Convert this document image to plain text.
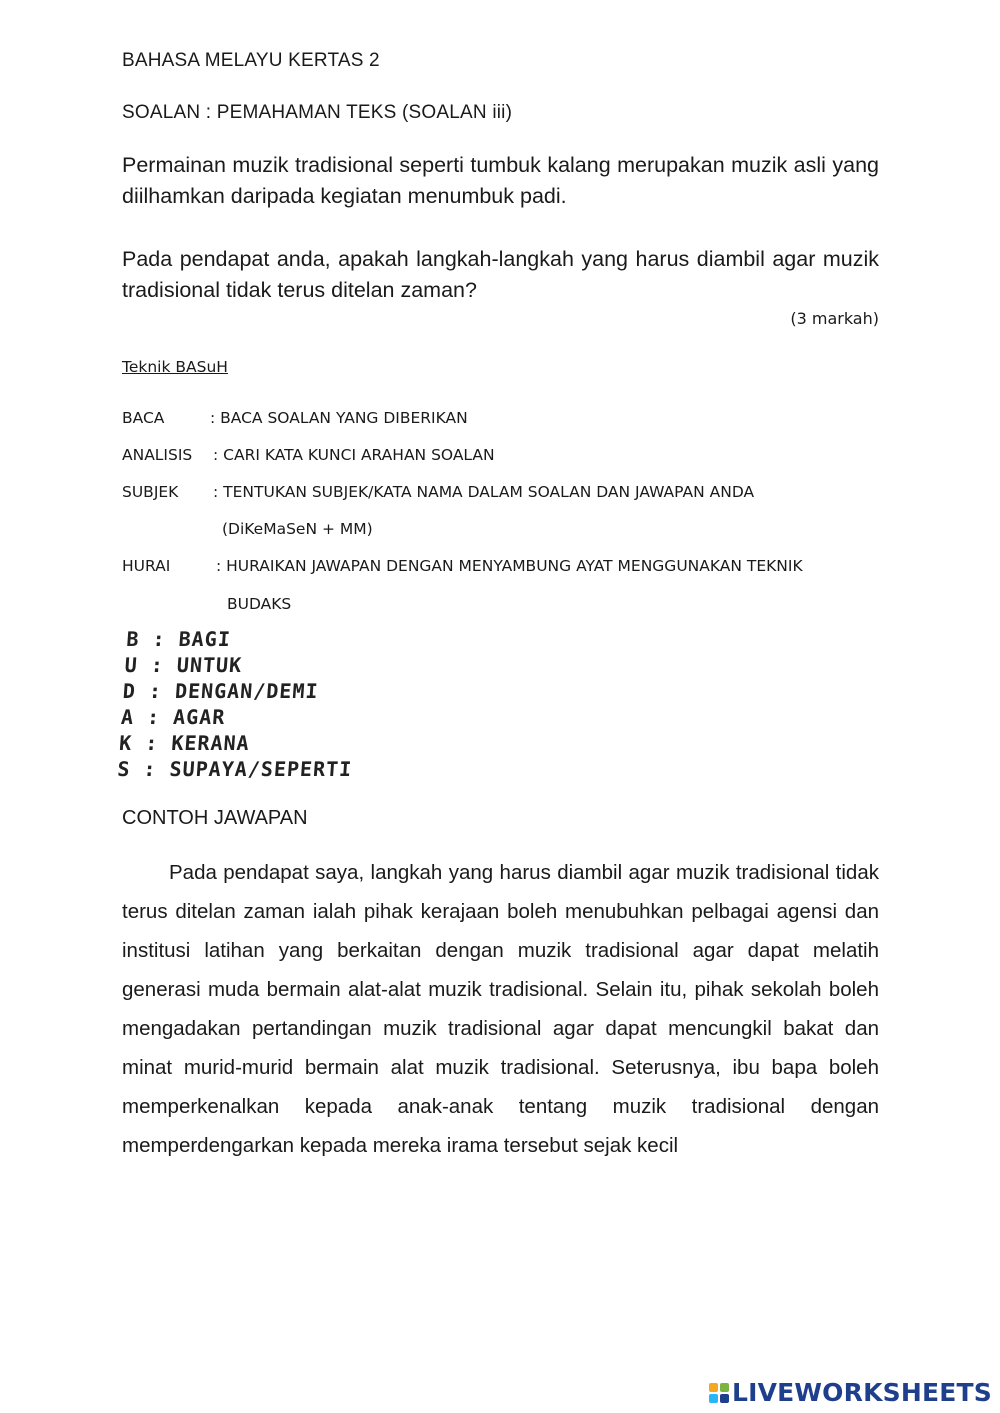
BAHASA MELAYU KERTAS 2
SOALAN : PEMAHAMAN TEKS (SOALAN iii)
Permainan muzik tradisional seperti tumbuk kalang merupakan muzik asli yang diilhamkan daripada kegiatan menumbuk padi.
Pada pendapat anda, apakah langkah-langkah yang harus diambil agar muzik tradisional tidak terus ditelan zaman?
(3 markah)
Teknik BASuH
BACA	: BACA SOALAN YANG DIBERIKAN
ANALISIS : CARI KATA KUNCI ARAHAN SOALAN
SUBJEK : TENTUKAN SUBJEK/KATA NAMA DALAM SOALAN DAN JAWAPAN ANDA
(DiKeMaSeN + MM)
HURAI	: HURAIKAN JAWAPAN DENGAN MENYAMBUNG AYAT MENGGUNAKAN TEKNIK
BUDAKS
B : BAGI
U : UNTUK
D : DENGAN/DEMI
A : AGAR
K : KERANA
S : SUPAYA/SEPERTI
CONTOH JAWAPAN
Pada pendapat saya, langkah yang harus diambil agar muzik tradisional tidak terus ditelan zaman ialah pihak kerajaan boleh menubuhkan pelbagai agensi dan institusi latihan yang berkaitan dengan muzik tradisional agar dapat melatih generasi muda bermain alat-alat muzik tradisional. Selain itu, pihak sekolah boleh mengadakan pertandingan muzik tradisional agar dapat mencungkil bakat dan minat murid-murid bermain alat muzik tradisional. Seterusnya, ibu bapa boleh memperkenalkan kepada anak-anak tentang muzik tradisional dengan memperdengarkan kepada mereka irama tersebut sejak kecil
LIVEWORKSHEETS
